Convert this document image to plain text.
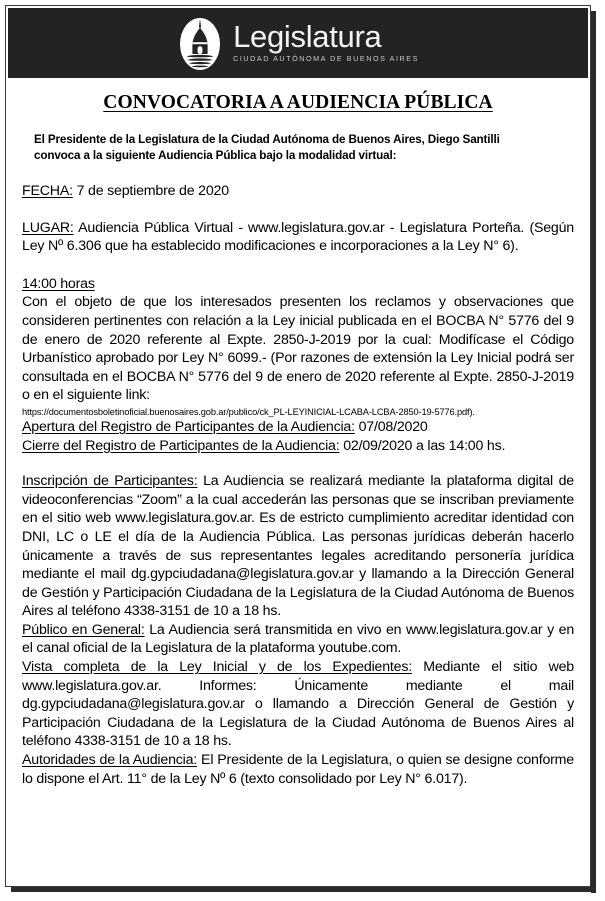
Legislatura
CIUDAD AUTÓNOMA DE BUENOS AIRES
CONVOCATORIA A AUDIENCIA PÚBLICA
El Presidente de la Legislatura de la Ciudad Autónoma de Buenos Aires, Diego Santilli
convoca a la siguiente Audiencia Pública bajo la modalidad virtual:
FECHA: 7 de septiembre de 2020
LUGAR: Audiencia Pública Virtual - www.legislatura.gov.ar - Legislatura Porteña. (Según Ley Nº 6.306 que ha establecido modificaciones e incorporaciones a la Ley N° 6).
14:00 horas
Con el objeto de que los interesados presenten los reclamos y observaciones que consideren pertinentes con relación a la Ley inicial publicada en el BOCBA N° 5776 del 9 de enero de 2020 referente al Expte. 2850-J-2019 por la cual: Modifícase el Código Urbanístico aprobado por Ley N° 6099.- (Por razones de extensión la Ley Inicial podrá ser consultada en el BOCBA N° 5776 del 9 de enero de 2020 referente al Expte. 2850-J-2019 o en el siguiente link:
https://documentosboletinoficial.buenosaires.gob.ar/publico/ck_PL-LEYINICIAL-LCABA-LCBA-2850-19-5776.pdf).
Apertura del Registro de Participantes de la Audiencia: 07/08/2020
Cierre del Registro de Participantes de la Audiencia: 02/09/2020 a las 14:00 hs.
Inscripción de Participantes: La Audiencia se realizará mediante la plataforma digital de videoconferencias “Zoom” a la cual accederán las personas que se inscriban previamente en el sitio web www.legislatura.gov.ar. Es de estricto cumplimiento acreditar identidad con DNI, LC o LE el día de la Audiencia Pública. Las personas jurídicas deberán hacerlo únicamente a través de sus representantes legales acreditando personería jurídica mediante el mail dg.gypciudadana@legislatura.gov.ar y llamando a la Dirección General de Gestión y Participación Ciudadana de la Legislatura de la Ciudad Autónoma de Buenos Aires al teléfono 4338-3151 de 10 a 18 hs.
Público en General: La Audiencia será transmitida en vivo en www.legislatura.gov.ar y en el canal oficial de la Legislatura de la plataforma youtube.com.
Vista completa de la Ley Inicial y de los Expedientes: Mediante el sitio web www.legislatura.gov.ar. Informes: Únicamente mediante el mail dg.gypciudadana@legislatura.gov.ar o llamando a Dirección General de Gestión y Participación Ciudadana de la Legislatura de la Ciudad Autónoma de Buenos Aires al teléfono 4338-3151 de 10 a 18 hs.
Autoridades de la Audiencia: El Presidente de la Legislatura, o quien se designe conforme lo dispone el Art. 11° de la Ley Nº 6 (texto consolidado por Ley N° 6.017).
